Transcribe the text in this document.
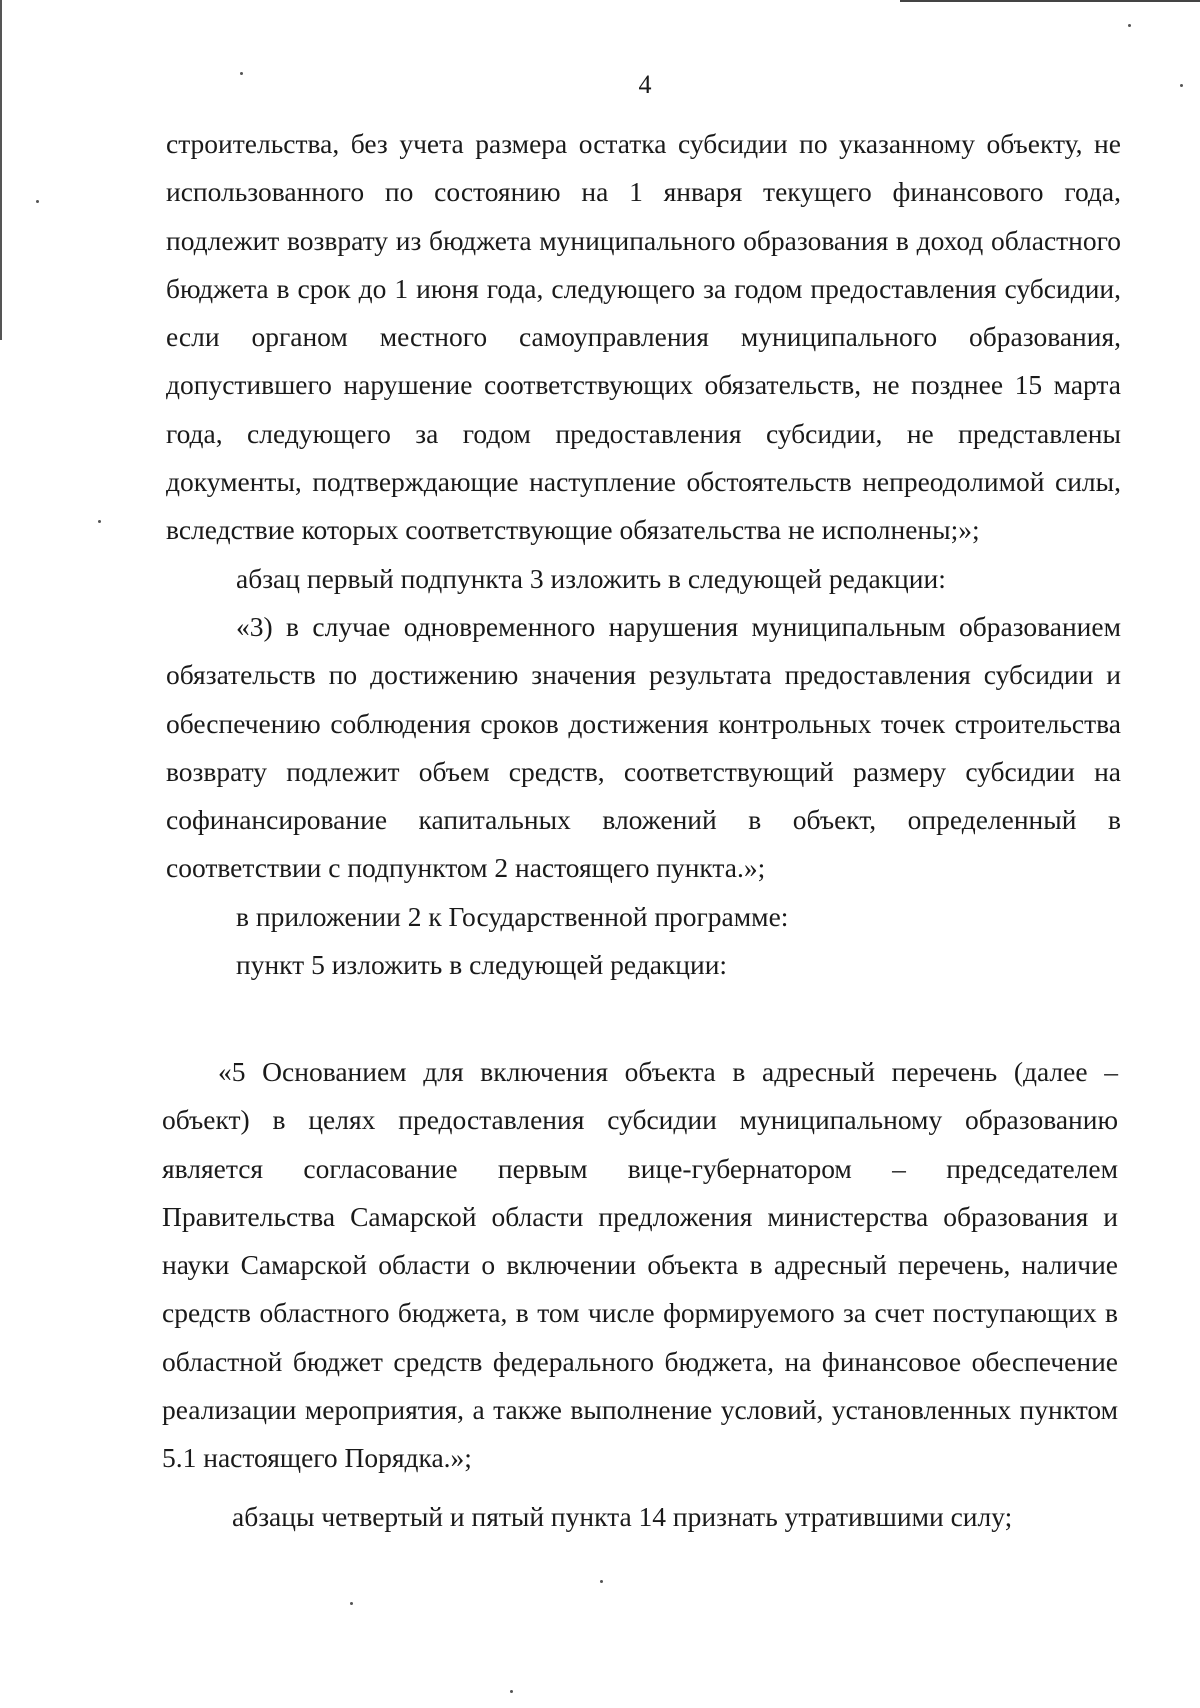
4

строительства, без учета размера остатка субсидии по указанному объекту, не использованного по состоянию на 1 января текущего финансового года, подлежит возврату из бюджета муниципального образования в доход областного бюджета в срок до 1 июня года, следующего за годом предоставления субсидии, если органом местного самоуправления муниципального образования, допустившего нарушение соответствующих обязательств, не позднее 15 марта года, следующего за годом предоставления субсидии, не представлены документы, подтверждающие наступление обстоятельств непреодолимой силы, вследствие которых соответствующие обязательства не исполнены;»;

абзац первый подпункта 3 изложить в следующей редакции:

«3) в случае одновременного нарушения муниципальным образованием обязательств по достижению значения результата предоставления субсидии и обеспечению соблюдения сроков достижения контрольных точек строительства возврату подлежит объем средств, соответствующий размеру субсидии на софинансирование капитальных вложений в объект, определенный в соответствии с подпунктом 2 настоящего пункта.»;

в приложении 2 к Государственной программе:

пункт 5 изложить в следующей редакции:

«5 Основанием для включения объекта в адресный перечень (далее – объект) в целях предоставления субсидии муниципальному образованию является согласование первым вице-губернатором – председателем Правительства Самарской области предложения министерства образования и науки Самарской области о включении объекта в адресный перечень, наличие средств областного бюджета, в том числе формируемого за счет поступающих в областной бюджет средств федерального бюджета, на финансовое обеспечение реализации мероприятия, а также выполнение условий, установленных пунктом 5.1 настоящего Порядка.»;

абзацы четвертый и пятый пункта 14 признать утратившими силу;
